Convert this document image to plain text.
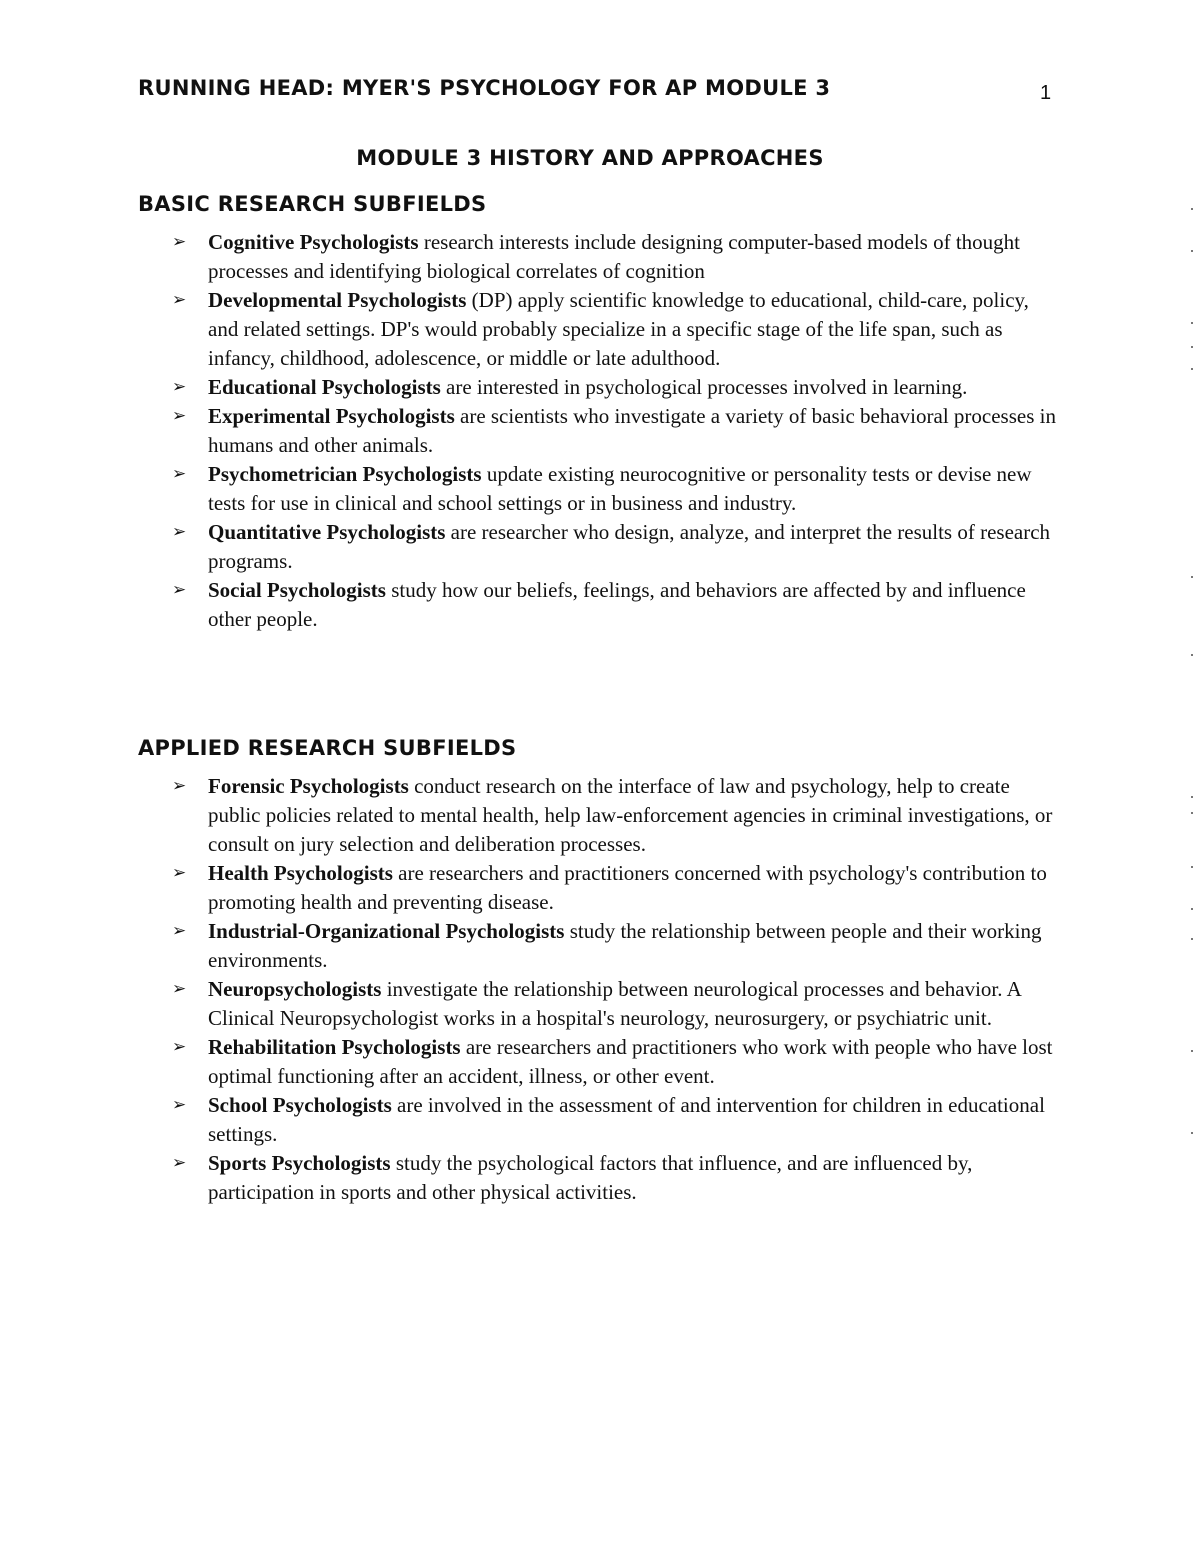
RUNNING HEAD: MYER'S PSYCHOLOGY FOR AP MODULE 3	1
MODULE 3 HISTORY AND APPROACHES
BASIC RESEARCH SUBFIELDS
➢ Cognitive Psychologists research interests include designing computer-based models of thought processes and identifying biological correlates of cognition
➢ Developmental Psychologists (DP) apply scientific knowledge to educational, child-care, policy, and related settings. DP's would probably specialize in a specific stage of the life span, such as infancy, childhood, adolescence, or middle or late adulthood.
➢ Educational Psychologists are interested in psychological processes involved in learning.
➢ Experimental Psychologists are scientists who investigate a variety of basic behavioral processes in humans and other animals.
➢ Psychometrician Psychologists update existing neurocognitive or personality tests or devise new tests for use in clinical and school settings or in business and industry.
➢ Quantitative Psychologists are researcher who design, analyze, and interpret the results of research programs.
➢ Social Psychologists study how our beliefs, feelings, and behaviors are affected by and influence other people.
APPLIED RESEARCH SUBFIELDS
➢ Forensic Psychologists conduct research on the interface of law and psychology, help to create public policies related to mental health, help law-enforcement agencies in criminal investigations, or consult on jury selection and deliberation processes.
➢ Health Psychologists are researchers and practitioners concerned with psychology's contribution to promoting health and preventing disease.
➢ Industrial-Organizational Psychologists study the relationship between people and their working environments.
➢ Neuropsychologists investigate the relationship between neurological processes and behavior. A Clinical Neuropsychologist works in a hospital's neurology, neurosurgery, or psychiatric unit.
➢ Rehabilitation Psychologists are researchers and practitioners who work with people who have lost optimal functioning after an accident, illness, or other event.
➢ School Psychologists are involved in the assessment of and intervention for children in educational settings.
➢ Sports Psychologists study the psychological factors that influence, and are influenced by, participation in sports and other physical activities.
